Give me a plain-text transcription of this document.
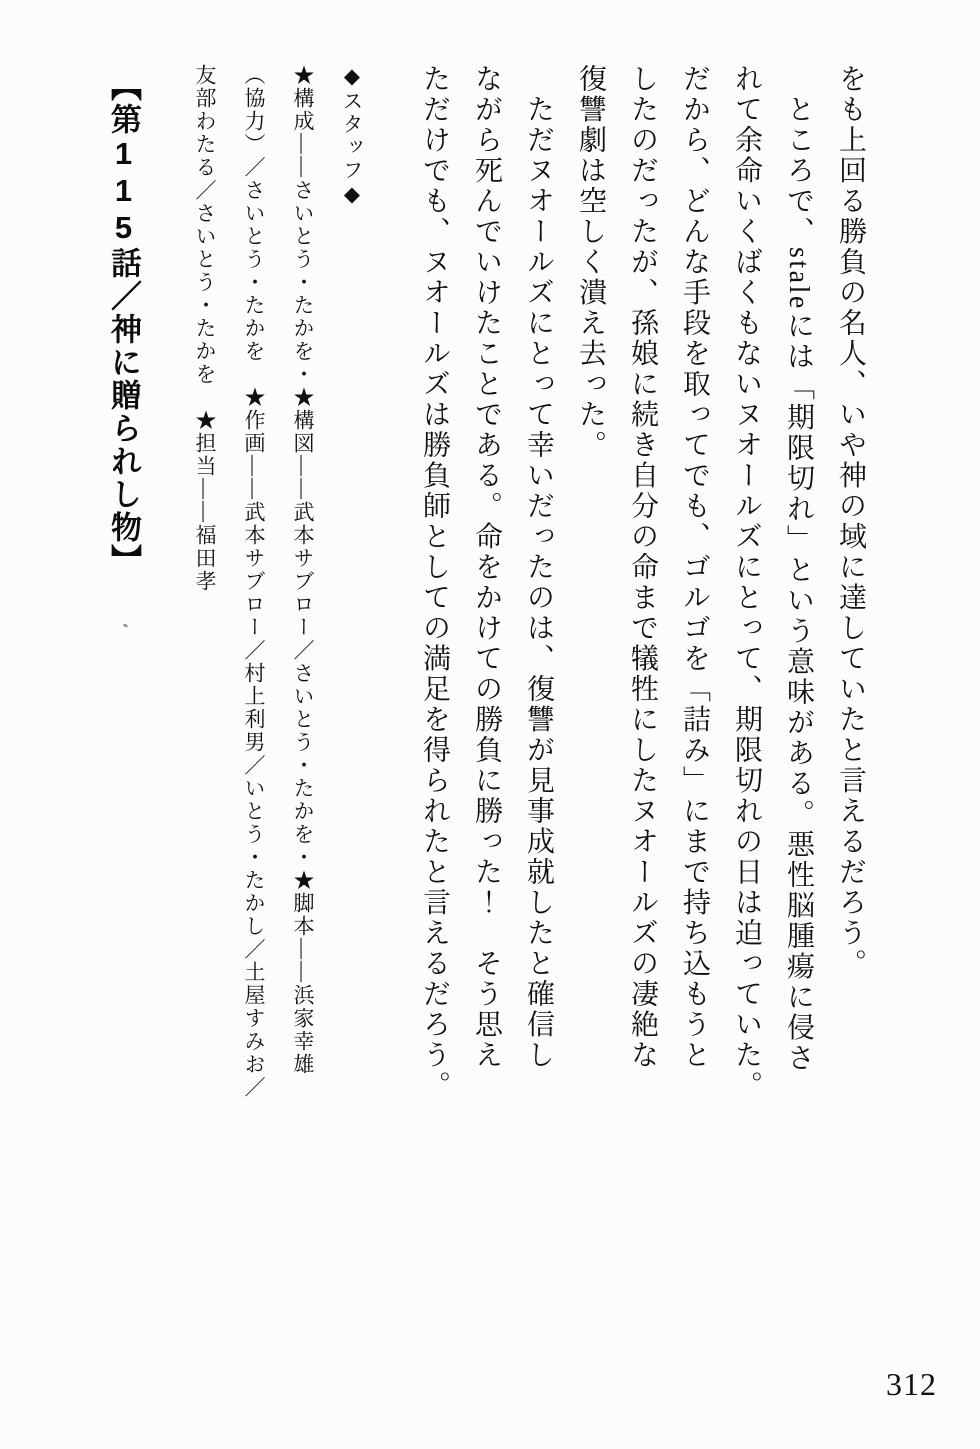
をも上回る勝負の名人、いや神の域に達していたと言えるだろう。

　ところで、staleには「期限切れ」という意味がある。悪性脳腫瘍に侵さ

れて余命いくばくもないヌオールズにとって、期限切れの日は迫っていた。

だから、どんな手段を取ってでも、ゴルゴを「詰み」にまで持ち込もうと

したのだったが、孫娘に続き自分の命まで犠牲にしたヌオールズの凄絶な

復讐劇は空しく潰え去った。

　ただヌオールズにとって幸いだったのは、復讐が見事成就したと確信し

ながら死んでいけたことである。命をかけての勝負に勝った！　そう思え

ただけでも、ヌオールズは勝負師としての満足を得られたと言えるだろう。

◆スタッフ◆

★構成——さいとう・たかを・★構図——武本サブロー／さいとう・たかを・★脚本——浜家幸雄

（協力）／さいとう・たかを　★作画——武本サブロー／村上利男／いとう・たかし／土屋すみお／

友部わたる／さいとう・たかを　★担当——福田孝

【第115話／神に贈られし物】
312
